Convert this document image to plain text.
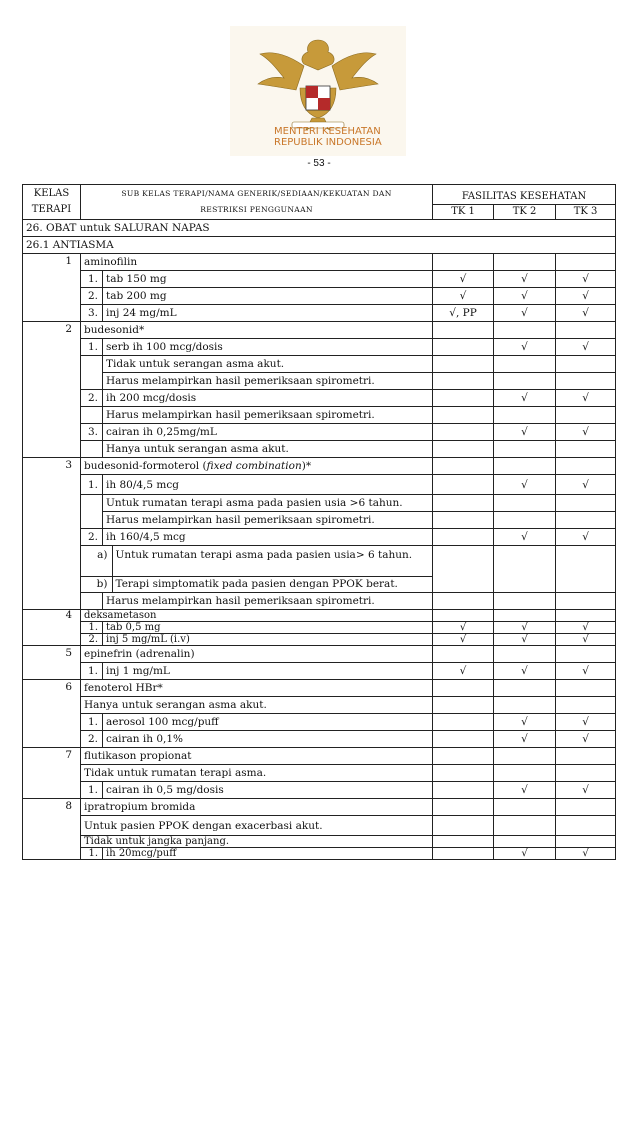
MENTERI KESEHATAN
REPUBLIK INDONESIA
- 53 -
KELAS
TERAPI	SUB KELAS TERAPI/NAMA GENERIK/SEDIAAN/KEKUATAN DAN
RESTRIKSI PENGGUNAAN	FASILITAS KESEHATAN
TK 1	TK 2	TK 3
26. OBAT untuk SALURAN NAPAS
26.1 ANTIASMA
1	aminofilin			
1.	tab 150 mg	√	√	√
2.	tab 200 mg	√	√	√
3.	inj 24 mg/mL	√, PP	√	√
2	budesonid*			
1.	serb ih 100 mcg/dosis		√	√
	Tidak untuk serangan asma akut.			
	Harus melampirkan hasil pemeriksaan spirometri.			
2.	ih 200 mcg/dosis		√	√
	Harus melampirkan hasil pemeriksaan spirometri.			
3.	cairan ih 0,25mg/mL		√	√
	Hanya untuk serangan asma akut.			
3	budesonid-formoterol (fixed combination)*			
1.	ih 80/4,5 mcg		√	√
	Untuk rumatan terapi asma pada pasien usia >6 tahun.			
	Harus melampirkan hasil pemeriksaan spirometri.			
2.	ih 160/4,5 mcg		√	√

a)	Untuk rumatan terapi asma pada pasien usia> 6 tahun.
b)	Terapi simptomatik pada pasien dengan PPOK berat.

	Harus melampirkan hasil pemeriksaan spirometri.			
4	deksametason			
1.	tab 0,5 mg	√	√	√
2.	inj 5 mg/mL (i.v)	√	√	√
5	epinefrin (adrenalin)			
1.	inj 1 mg/mL	√	√	√
6	fenoterol HBr*			
Hanya untuk serangan asma akut.			
1.	aerosol 100 mcg/puff		√	√
2.	cairan ih 0,1%		√	√
7	flutikason propionat			
Tidak untuk rumatan terapi asma.			
1.	cairan ih 0,5 mg/dosis		√	√
8	ipratropium bromida			
Untuk pasien PPOK dengan exacerbasi akut.			
Tidak untuk jangka panjang.			
1.	ih 20mcg/puff		√	√
